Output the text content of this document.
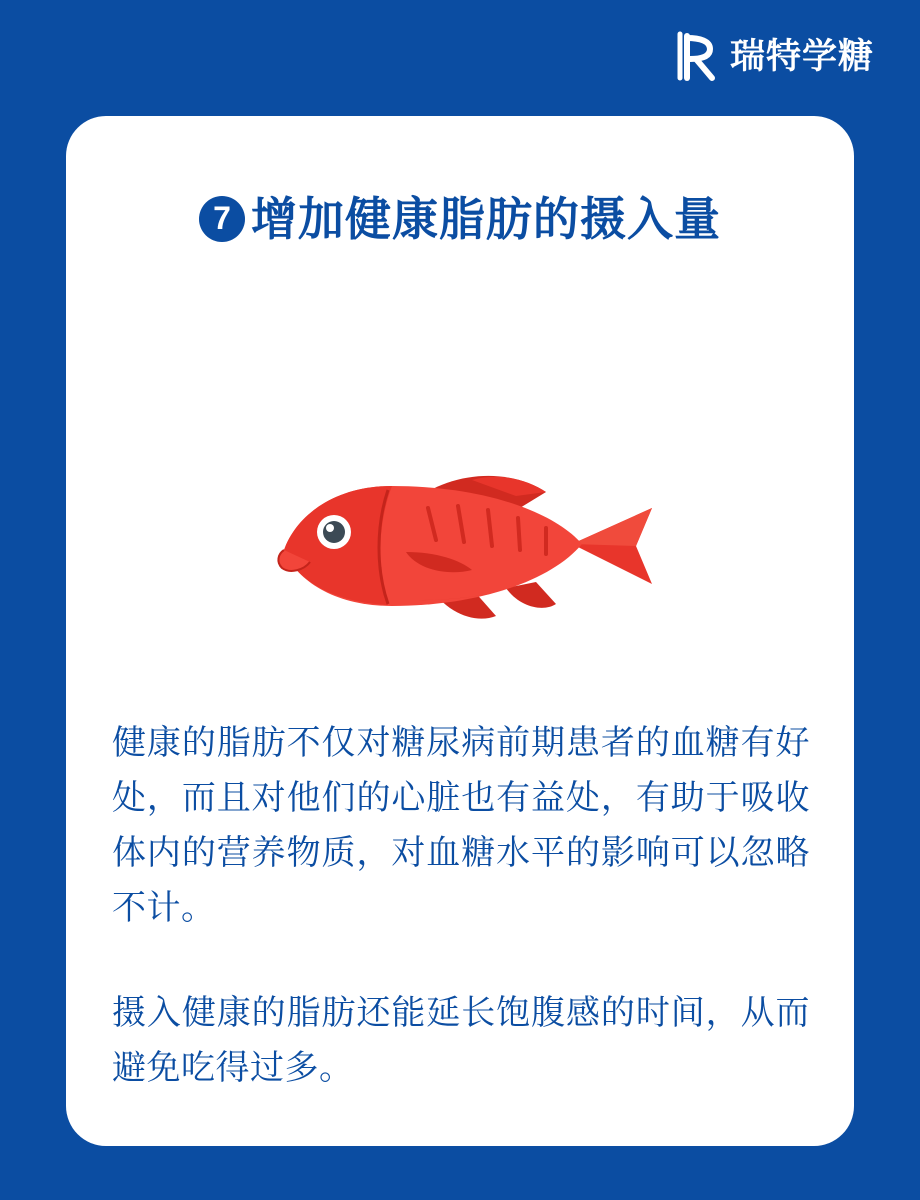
瑞特学糖
7 增加健康脂肪的摄入量

健康的脂肪不仅对糖尿病前期患者的血糖有好处，而且对他们的心脏也有益处，有助于吸收体内的营养物质，对血糖水平的影响可以忽略不计。

摄入健康的脂肪还能延长饱腹感的时间，从而避免吃得过多。
